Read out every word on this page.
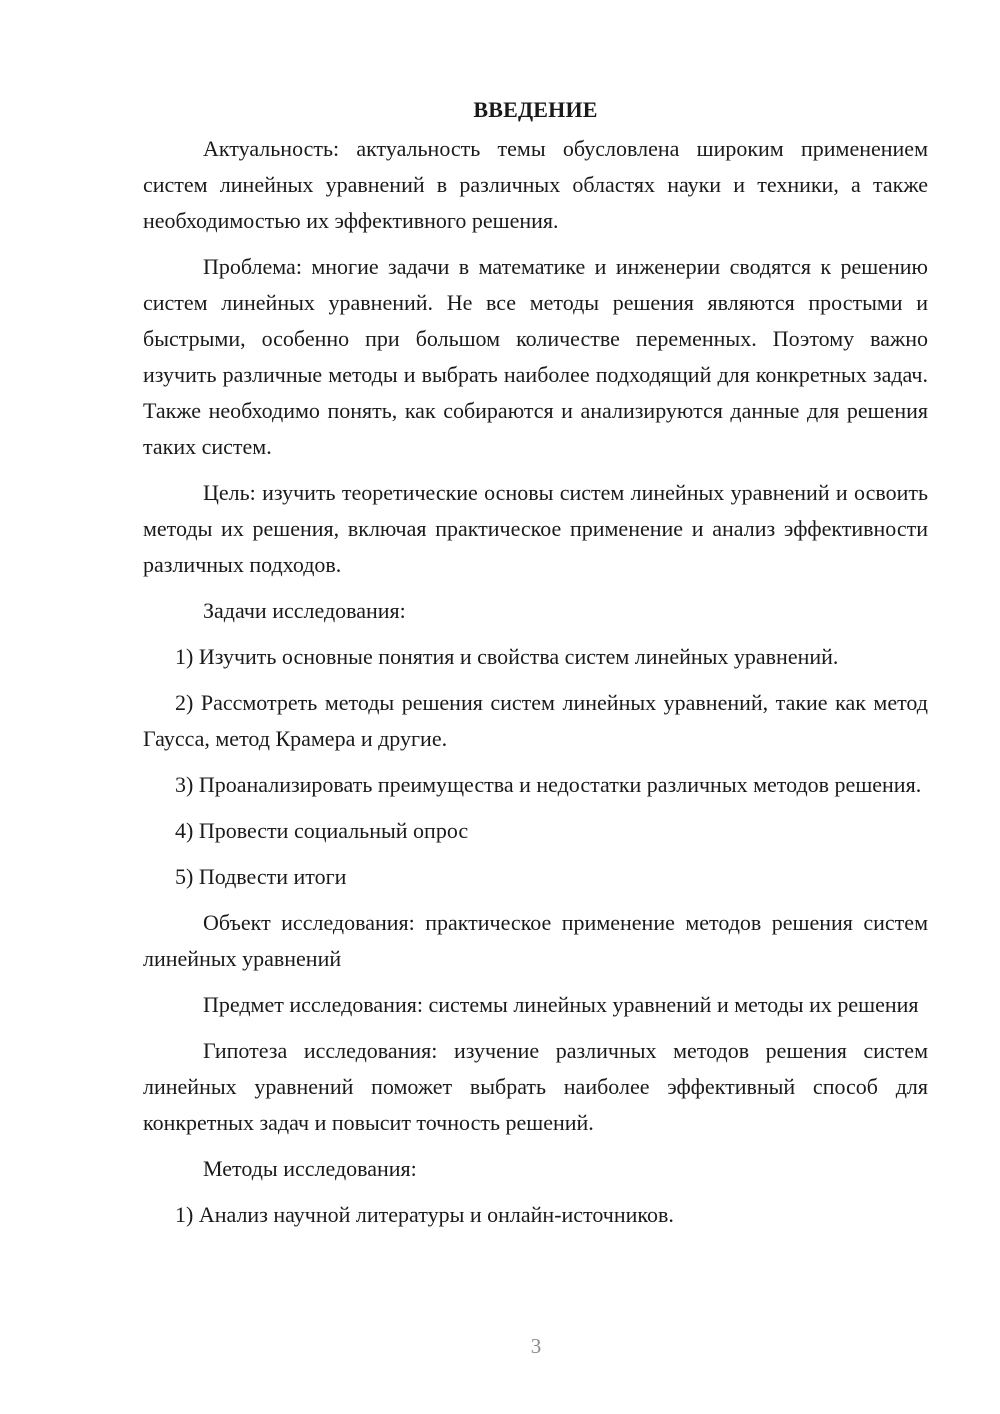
ВВЕДЕНИЕ

Актуальность: актуальность темы обусловлена широким применением систем линейных уравнений в различных областях науки и техники, а также необходимостью их эффективного решения.

Проблема: многие задачи в математике и инженерии сводятся к решению систем линейных уравнений. Не все методы решения являются простыми и быстрыми, особенно при большом количестве переменных. Поэтому важно изучить различные методы и выбрать наиболее подходящий для конкретных задач. Также необходимо понять, как собираются и анализируются данные для решения таких систем.

Цель: изучить теоретические основы систем линейных уравнений и освоить методы их решения, включая практическое применение и анализ эффективности различных подходов.

Задачи исследования:

1) Изучить основные понятия и свойства систем линейных уравнений.

2) Рассмотреть методы решения систем линейных уравнений, такие как метод Гаусса, метод Крамера и другие.

3) Проанализировать преимущества и недостатки различных методов решения.

4) Провести социальный опрос

5) Подвести итоги

Объект исследования: практическое применение методов решения систем линейных уравнений

Предмет исследования: системы линейных уравнений и методы их решения

Гипотеза исследования: изучение различных методов решения систем линейных уравнений поможет выбрать наиболее эффективный способ для конкретных задач и повысит точность решений.

Методы исследования:

1) Анализ научной литературы и онлайн-источников.

3
